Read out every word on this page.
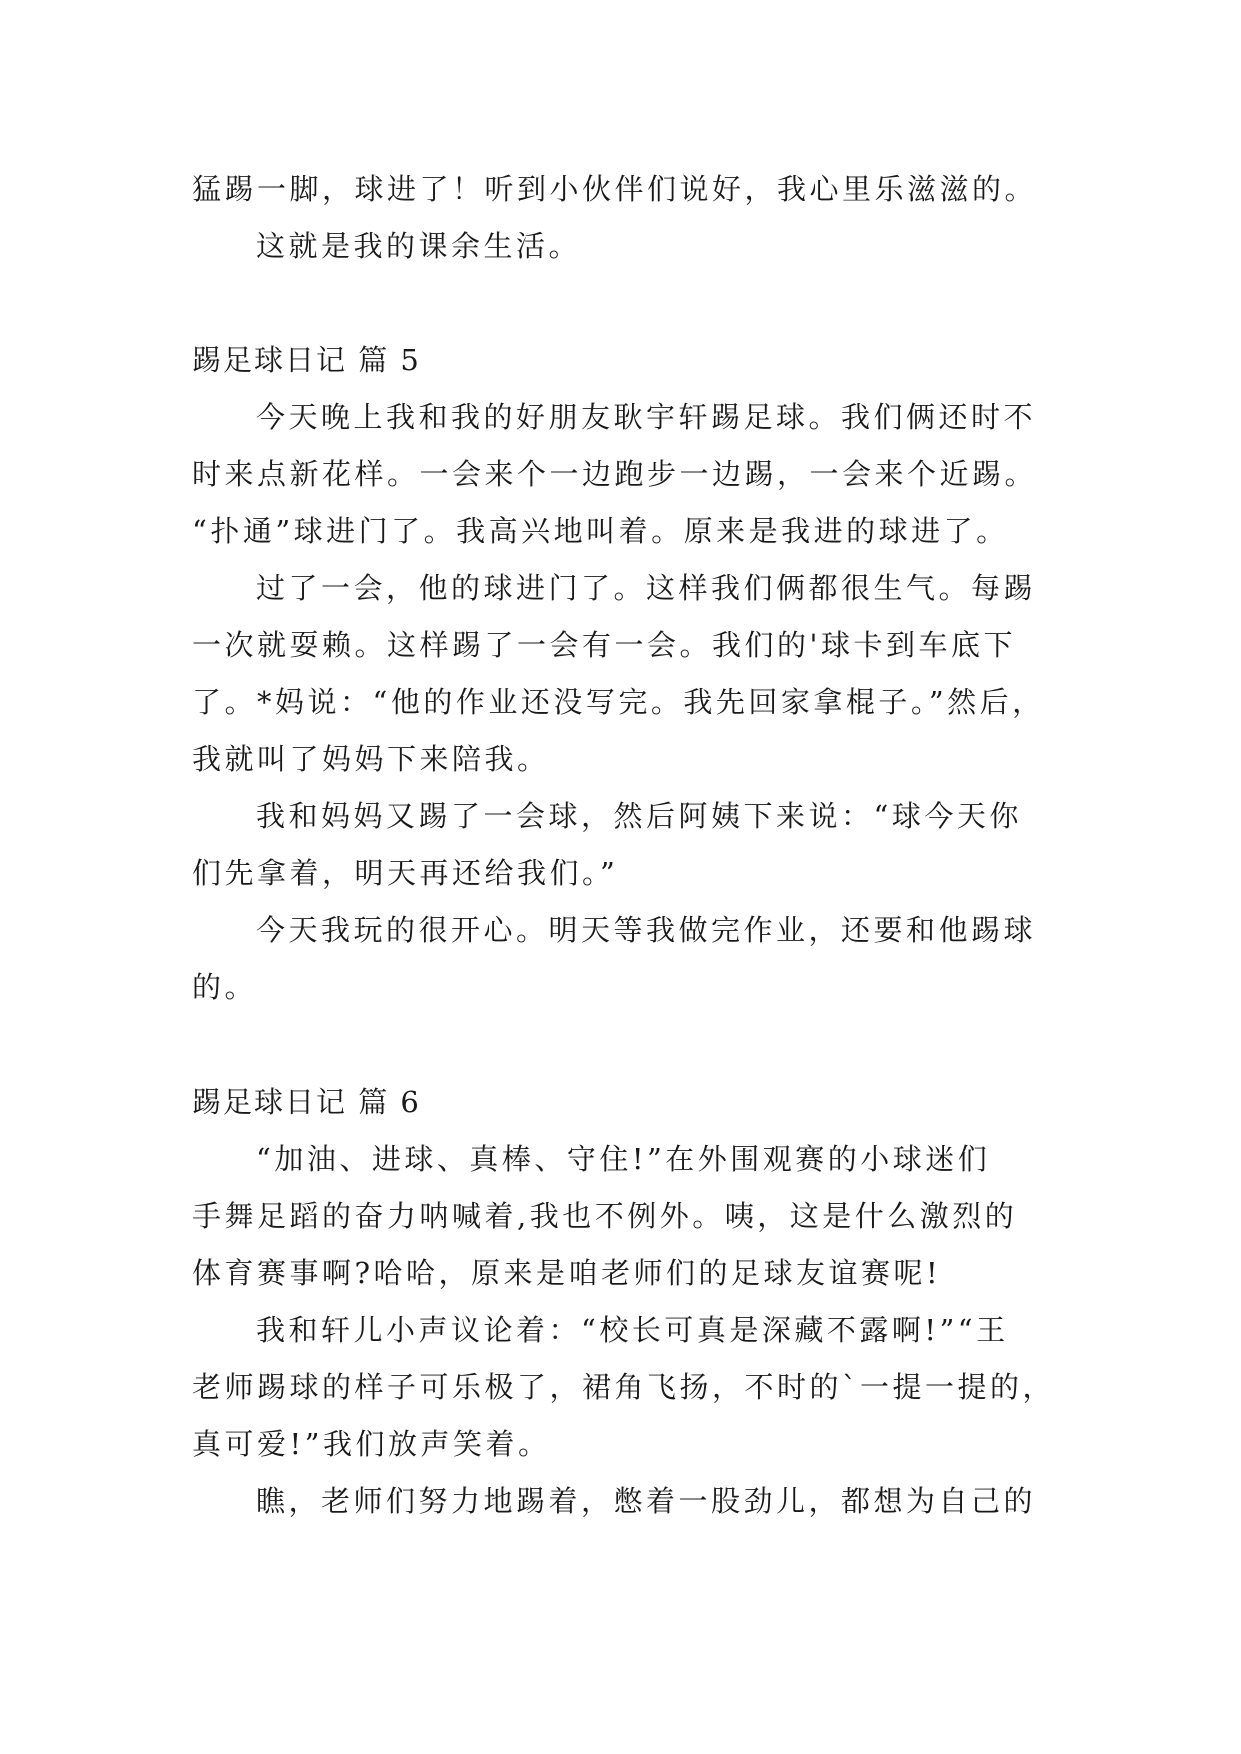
猛踢一脚，球进了！听到小伙伴们说好，我心里乐滋滋的。
这就是我的课余生活。
踢足球日记 篇 5
今天晚上我和我的好朋友耿宇轩踢足球。我们俩还时不
时来点新花样。一会来个一边跑步一边踢，一会来个近踢。
“扑通”球进门了。我高兴地叫着。原来是我进的球进了。
过了一会，他的球进门了。这样我们俩都很生气。每踢
一次就耍赖。这样踢了一会有一会。我们的'球卡到车底下
了。*妈说：“他的作业还没写完。我先回家拿棍子。”然后，
我就叫了妈妈下来陪我。
我和妈妈又踢了一会球，然后阿姨下来说：“球今天你
们先拿着，明天再还给我们。”
今天我玩的很开心。明天等我做完作业，还要和他踢球
的。
踢足球日记 篇 6
“加油、进球、真棒、守住!”在外围观赛的小球迷们
手舞足蹈的奋力呐喊着,我也不例外。咦，这是什么激烈的
体育赛事啊?哈哈，原来是咱老师们的足球友谊赛呢!
我和轩儿小声议论着：“校长可真是深藏不露啊!”“王
老师踢球的样子可乐极了，裙角飞扬，不时的`一提一提的，
真可爱!”我们放声笑着。
瞧，老师们努力地踢着，憋着一股劲儿，都想为自己的
